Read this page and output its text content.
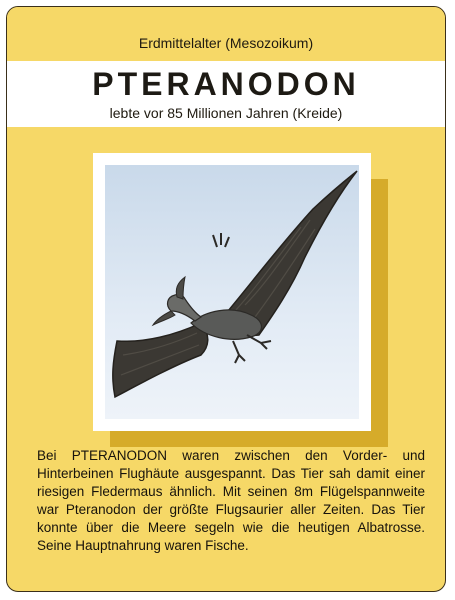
Erdmittelalter (Mesozoikum)
PTERANODON
lebte vor 85 Millionen Jahren (Kreide)

Bei PTERANODON waren zwischen den Vorder- und Hinterbeinen Flughäute ausgespannt. Das Tier sah damit einer riesigen Fledermaus ähnlich. Mit seinen 8m Flügelspannweite war Pteranodon der größte Flugsaurier aller Zeiten. Das Tier konnte über die Meere segeln wie die heutigen Albatrosse. Seine Hauptnahrung waren Fische.
